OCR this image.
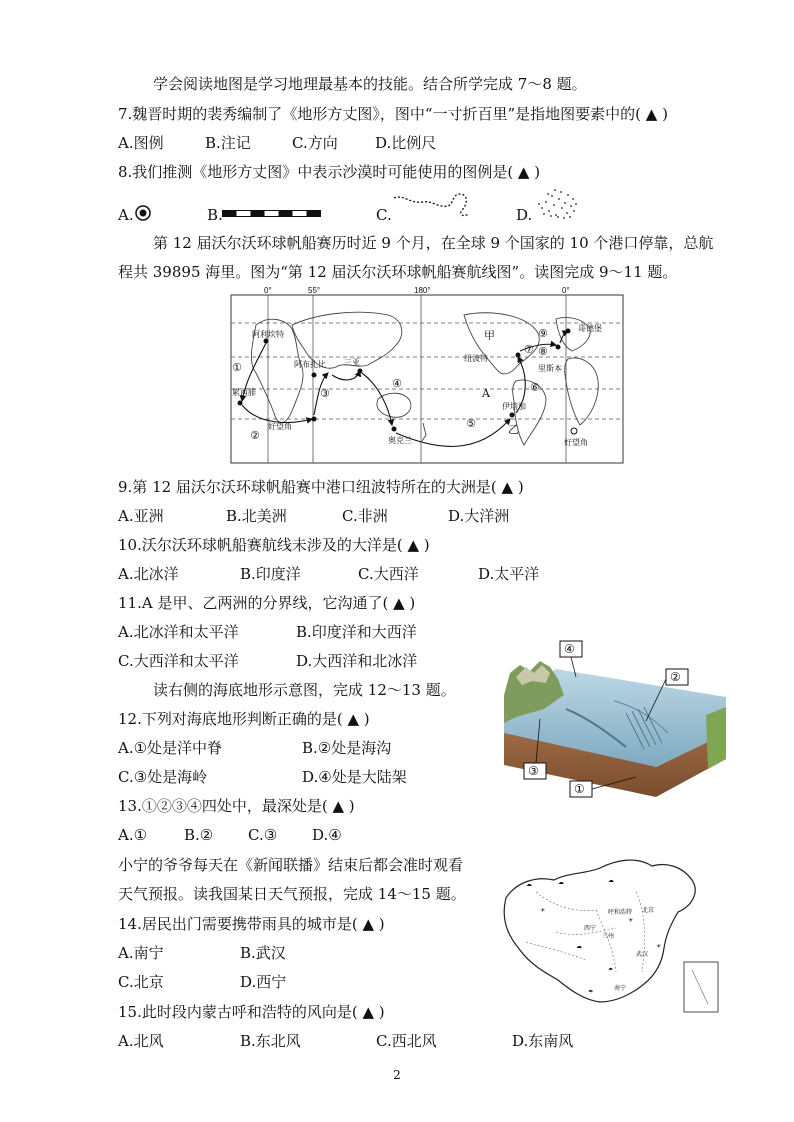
学会阅读地图是学习地理最基本的技能。结合所学完成 7～8 题。
7.魏晋时期的裴秀编制了《地形方丈图》，图中“一寸折百里”是指地图要素中的( ▲ )
A.图例	B.注记	C.方向 D.比例尺
8.我们推测《地形方丈图》中表示沙漠时可能使用的图例是( ▲ )
A.	B.	C.	D.
第 12 届沃尔沃环球帆船赛历时近 9 个月，在全球 9 个国家的 10 个港口停靠，总航
程共 39895 海里。图为“第 12 届沃尔沃环球帆船赛航线图”。读图完成 9～11 题。
0°	55°	180°	0°
阿利坎特
阿布扎比 三亚
累西腓
好望角
奥克兰
伊塔加
纽波特
里斯本
哥德堡
好望角
①
②
③
④
⑤
⑥
⑦ ⑧
⑨
甲
乙
A
9.第 12 届沃尔沃环球帆船赛中港口纽波特所在的大洲是( ▲ )
A.亚洲	B.北美洲	C.非洲	D.大洋洲
10.沃尔沃环球帆船赛航线未涉及的大洋是( ▲ )
A.北冰洋	B.印度洋	C.大西洋	D.太平洋
11.A 是甲、乙两洲的分界线，它沟通了( ▲ )
A.北冰洋和太平洋	B.印度洋和大西洋
C.大西洋和太平洋	D.大西洋和北冰洋
读右侧的海底地形示意图，完成 12～13 题。
④
②
③
①
12.下列对海底地形判断正确的是( ▲ )
A.①处是洋中脊	B.②处是海沟
C.③处是海岭	D.④处是大陆架
13.①②③④四处中，最深处是( ▲ )
A.① B.② C.③ D.④
小宁的爷爷每天在《新闻联播》结束后都会准时观看
天气预报。读我国某日天气预报，完成 14～15 题。
☁	☁	☁
☀
☀
☀
☁
☂
☂
呼和浩特 北京
西宁
兰州
武汉
南宁
14.居民出门需要携带雨具的城市是( ▲ )
A.南宁	B.武汉
C.北京	D.西宁
15.此时段内蒙古呼和浩特的风向是( ▲ )
A.北风	B.东北风	C.西北风	D.东南风
2
